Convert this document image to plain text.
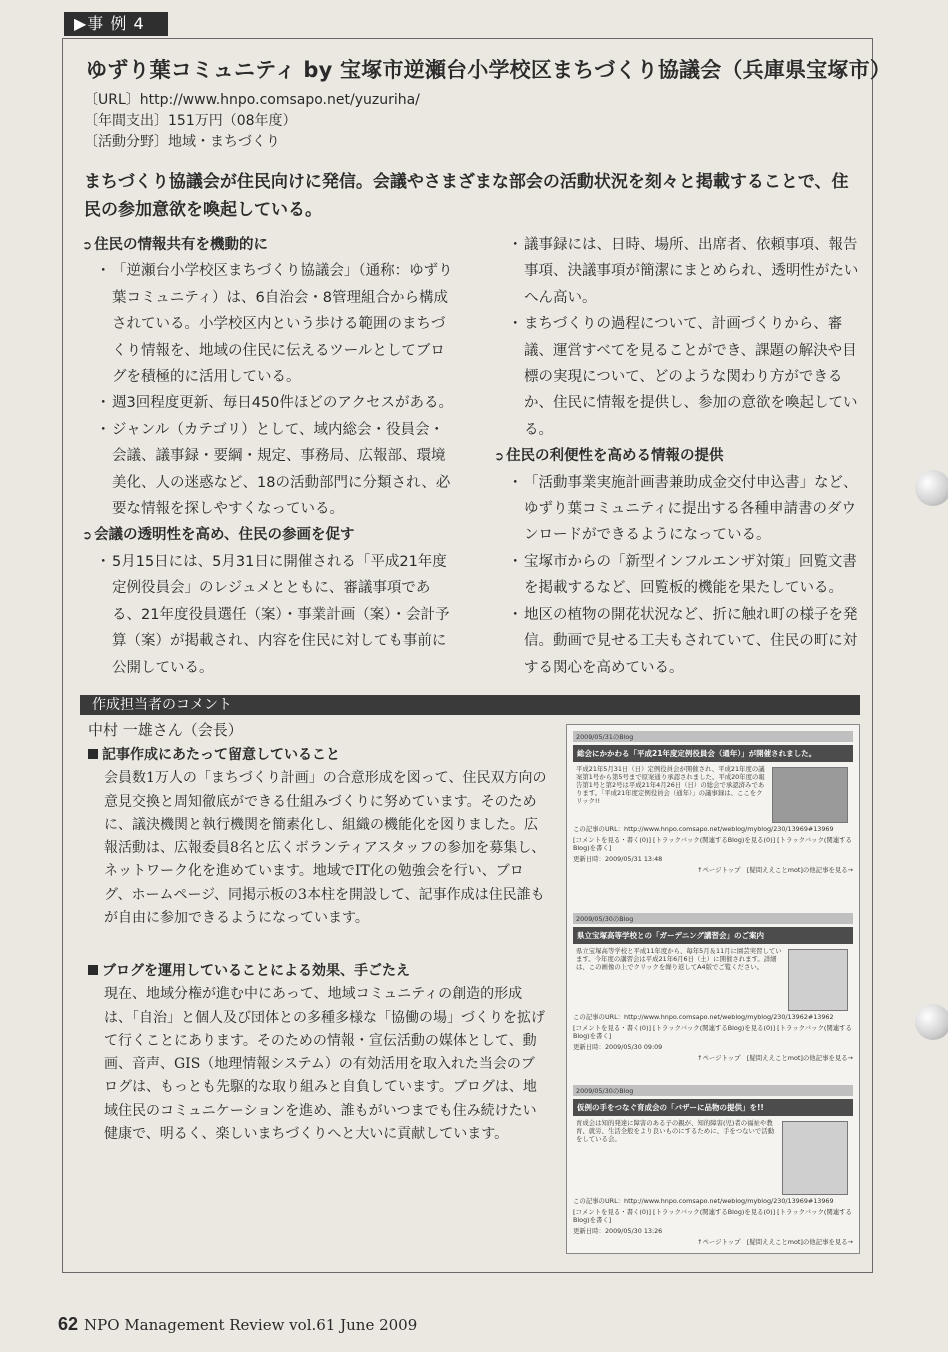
▶事 例 4
ゆずり葉コミュニティ by 宝塚市逆瀬台小学校区まちづくり協議会（兵庫県宝塚市）
〔URL〕http://www.hnpo.comsapo.net/yuzuriha/
〔年間支出〕151万円（08年度）
〔活動分野〕地域・まちづくり
まちづくり協議会が住民向けに発信。会議やさまざまな部会の活動状況を刻々と掲載することで、住民の参加意欲を喚起している。

➲ 住民の情報共有を機動的に

・ 「逆瀬台小学校区まちづくり協議会」（通称：ゆずり葉コミュニティ）は、6自治会・8管理組合から構成されている。小学校区内という歩ける範囲のまちづくり情報を、地域の住民に伝えるツールとしてブログを積極的に活用している。

・ 週3回程度更新、毎日450件ほどのアクセスがある。

・ ジャンル（カテゴリ）として、域内総会・役員会・会議、議事録・要綱・規定、事務局、広報部、環境美化、人の迷惑など、18の活動部門に分類され、必要な情報を探しやすくなっている。

➲ 会議の透明性を高め、住民の参画を促す

・ 5月15日には、5月31日に開催される「平成21年度定例役員会」のレジュメとともに、審議事項である、21年度役員選任（案）・事業計画（案）・会計予算（案）が掲載され、内容を住民に対しても事前に公開している。

・ 議事録には、日時、場所、出席者、依頼事項、報告事項、決議事項が簡潔にまとめられ、透明性がたいへん高い。

・ まちづくりの過程について、計画づくりから、審議、運営すべてを見ることができ、課題の解決や目標の実現について、どのような関わり方ができるか、住民に情報を提供し、参加の意欲を喚起している。

➲ 住民の利便性を高める情報の提供

・ 「活動事業実施計画書兼助成金交付申込書」など、ゆずり葉コミュニティに提出する各種申請書のダウンロードができるようになっている。

・ 宝塚市からの「新型インフルエンザ対策」回覧文書を掲載するなど、回覧板的機能を果たしている。

・ 地区の植物の開花状況など、折に触れ町の様子を発信。動画で見せる工夫もされていて、住民の町に対する関心を高めている。

作成担当者のコメント
中村 一雄さん（会長）
記事作成にあたって留意していること
会員数1万人の「まちづくり計画」の合意形成を図って、住民双方向の意見交換と周知徹底ができる仕組みづくりに努めています。そのために、議決機関と執行機関を簡素化し、組織の機能化を図りました。広報活動は、広報委員8名と広くボランティアスタッフの参加を募集し、ネットワーク化を進めています。地域でIT化の勉強会を行い、ブログ、ホームページ、同掲示板の3本柱を開設して、記事作成は住民誰もが自由に参加できるようになっています。
ブログを運用していることによる効果、手ごたえ
現在、地域分権が進む中にあって、地域コミュニティの創造的形成は、「自治」と個人及び団体との多種多様な「協働の場」づくりを拡げて行くことにあります。そのための情報・宣伝活動の媒体として、動画、音声、GIS（地理情報システム）の有効活用を取入れた当会のブログは、もっとも先駆的な取り組みと自負しています。ブログは、地域住民のコミュニケーションを進め、誰もがいつまでも住み続けたい健康で、明るく、楽しいまちづくりへと大いに貢献しています。
2009/05/31のBlog
総会にかかわる「平成21年度定例役員会（通年）」が開催されました。
平成21年5月31日（日）定例役員会が開催され、平成21年度の議案第1号から第5号まで原案通り承認されました。平成20年度の報告第1号と第2号は平成21年4月26日（日）の総会で承認済みであります。「平成21年度定例役員会（通年）」の議事録は、ここをクリック!!
この記事のURL：http://www.hnpo.comsapo.net/weblog/myblog/230/13969#13969
[コメントを見る・書く(0)] [トラックバック(関連するBlog)を見る(0)] [トラックバック(関連するBlog)を書く]
更新日時：2009/05/31 13:48
↑ページトップ　[疑問ええことmot]の他記事を見る→
2009/05/30のBlog
県立宝塚高等学校との「ガーデニング講習会」のご案内
県立宝塚高等学校と平成11年度から、毎年5月＆11月に園芸実習しています。今年度の講習会は平成21年6月6日（土）に開催されます。詳細は、この画像の上でクリックを繰り返してA4版でご覧ください。
この記事のURL：http://www.hnpo.comsapo.net/weblog/myblog/230/13962#13962
[コメントを見る・書く(0)] [トラックバック(関連するBlog)を見る(0)] [トラックバック(関連するBlog)を書く]
更新日時：2009/05/30 09:09
↑ページトップ　[疑問ええことmot]の他記事を見る→
2009/05/30のBlog
仮例の手をつなぐ育成会の「バザーに品物の提供」を!!
育成会は知的発達に障害のある子の親が、知的障害(児)者の福祉や教育、就労、生活全般をより良いものにするために、手をつないで活動をしている会。
この記事のURL：http://www.hnpo.comsapo.net/weblog/myblog/230/13969#13969
[コメントを見る・書く(0)] [トラックバック(関連するBlog)を見る(0)] [トラックバック(関連するBlog)を書く]
更新日時：2009/05/30 13:26
↑ページトップ　[疑問ええことmot]の他記事を見る→
62 NPO Management Review vol.61 June 2009
